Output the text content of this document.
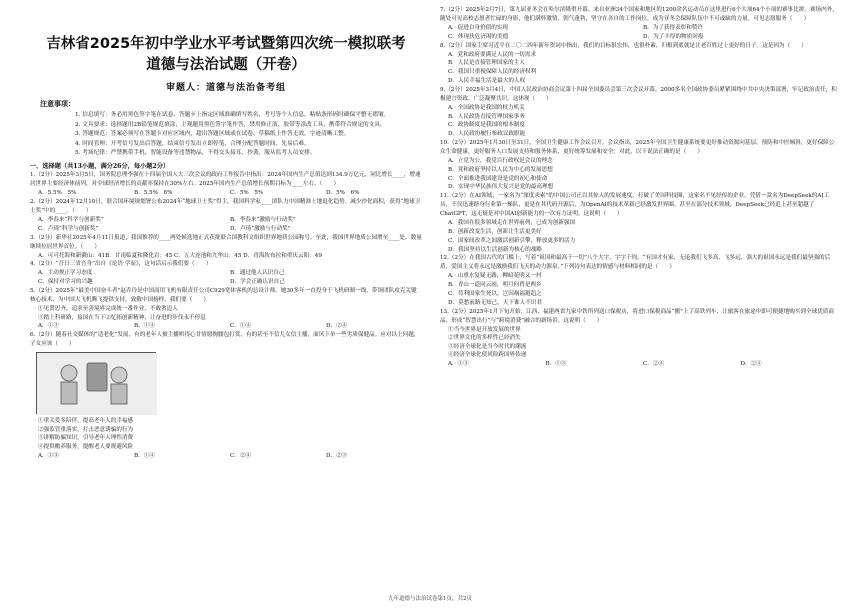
吉林省2025年初中学业水平考试暨第四次统一模拟联考
道德与法治试题（开卷）
审题人：道德与法治备考组
注意事项：
1. 信息填写：务必用黑色签字笔在试卷、答题卡上指定区域准确填写姓名、考号等个人信息，粘贴条形码时确保平整无褶皱。
2. 文具要求：选择题用2B铅笔规范填涂，主观题用黑色签字笔作答，禁用修正液、胶带等涂改工具，携带符合规定的文具。
3. 答题规范：答案必须写在答题卡对应区域内，超出答题区域或在试卷、草稿纸上作答无效，字迹清晰工整。
4. 时间管理：开考信号发出后答题，结束信号发出立即停笔，合理分配答题时间，先易后难。
5. 考场纪律：严禁携带手机、智能设备等违禁物品，不得交头接耳、抄袭，服从监考人员安排。
一、选择题（共13小题，满分26分，每小题2分）
1.（2分）2025年3月5日，国务院总理李强在十四届全国人大三次会议的政府工作报告中指出：2024年国内生产总值达到134.9万亿元，同比增长____，增速居世界主要经济体前列，对全球经济增长的贡献率保持在30%左右。2025年国内生产总值增长预期目标为____左右。（　　）
A．5.5%　5%	B．5.5%　6%	C．5%　5%	D．5%　6%
2.（2分）2024年12月10日，联合国环境规划署公布2024年“地球卫士奖”得主，我国科学家____团队力中国精准土地退化趋势、减少沙化面积，获得“地球卫士奖”中的____。（　　）
A．李春来“科学与创新奖”	B．李春来“激励与行动奖”
C．卢琦“科学与创新奖”	D．卢琦“激励与行动奖”
3.（2分）新华社2025年4月11日报道，我国推荐的____两处候选地正式获批联合国教科文组织世界地质公园称号。至此，我国世界地质公园增至____处，数量继续位居世界首位。（　　）
A．可可托海和新疆山：41B．甘南临夏和隆化岩：45 C．五大连池和九华山：45 D．青海坎布拉和重庆云阳：49
4.（2分）“吾日三省吾身”出自《论语·学而》，这句话启示我们要（　　）
A．主动规正学习态度	B．通过他人认识自己
C．保持对学习的兴趣	D．学会正确认识自己
5.（2分）2025年“最美中国奋斗者”赵乔玲是中国商用飞机有限责任公司C929宽体客机的总设计师，她30多年一直投身于飞机研制一线，带领团队攻克关键核心技术，为中国大飞机腾飞提供支持。致敬中国榜样，我们要（　　）
①见贤思齐，追求至善境界完成统一番作业，不敢奢追人
③踏上科研路，接国在当下②忆拓创新精神，让奋进的步伐永不停息
A．①③	B．①④	C．①④	D．②④
6.（2分）随着社交媒体的“适老化”发展，有的老年人被主播哄得心甘情愿掏腰包打赏，有的甚至不信儿女信主播，面风下单一些劣质保健品。应对以上问题，子女应该（　　）
①重关爱多陪伴，提高老年人的幸福感
②强监管重落实，打击恶意诱骗的行为
③讲解防骗知识，引导老年人理性消费
④提供赡养服务，提醒老人要规避风险
A．①③	B．①④	C．②④	D．②③
7.（2分）2025年2月7日，第九届亚冬会在哈尔滨隆重开幕。来自亚洲34个国家和地区的1200余名运动员在这里进行6个大项64个小项的赛事比拼。赛场内外，随处可见高校志愿者忙碌的身影，他们满怀激情、朝气蓬勃，坚守在各自的工作岗位，成为亚冬会保障队伍中不可或缺的力量。可见志愿服务（　　）
A．促进自身价值的实现	B．为了获得表彰和赞许
C．体现扶危济困的美德	D．为了丰厚的物质回报
8.（2分）国家主席习近平在二〇二四年新年贺词中指出，我们的目标很宏伟，也很朴素，归根到底就是让老百姓过上更好的日子。这是因为（　　）
A．党和政府要满足人民的一切需求
B．人民是直接管理国家的主人
C．我国只重视保障人民的经济权利
D．人民幸福生活是最大的人权
9.（2分）2025年3月4日，中国人民政治协商会议第十四届全国委员会第三次会议开幕。2000多名全国政协委员紧紧围绕中共中央决策部署，牢记政治责任，积极建言资政，广泛凝聚共识。这体现（　　）
A．全国政协是我国的权力机关
B．人民政协直接管理国家事务
C．政协制度是我国的根本制度
D．人民政协履行参政议政职能
10.（2分）2025年1月30日至31日，全国卫生健康工作会议召开。会议指出，2025年全国卫生健康系统要更好推动资源向基层、预防和中医倾斜，更好保障公众生命健康，更好服务人口发展支持和服务体系，更好统筹发展和安全。对此，以下说法正确的是（　　）
A．立党为公，我党百行政权是会议的理念
B．党和政府坚持以人民为中心的发展思想
C．全面推进我国建设是党的初心和使命
D．实现中华民族伟大复兴是党的最高理想
11.（2分）在AI领域，一家名为“深度求索”的中国公司正以其惊人的发展速度，打破了美国科技圈，这家名不见经传的企业，凭借一款名为DeepSeek的AI工具，不仅迅速跻身行业第一梯队，更是在其代码开源后，为OpenAI的技术革新已经激发世界圈。甚至在部分技术领域，DeepSeek已经追上甚至超越了ChatGPT，这无疑是对中国AI创新能力的一次有力证明。这说明（　　）
A．我国在很多领域走在世界前列，已成为创新强国
B．创新改变生活，创新让生活更美好
C．国家间改革之间激活创新引擎，释放更多的活力
D．我国坚持以生活创新为核心的战略
12.（2分）在我国古代的门槛上，写着“祖国和最高于一切”八个大字，字字千钧。“有国才有家，无论我们飞多高、飞多远，强大的祖国永远是我们最坚强的后盾，爱国主义将永远是激励我们飞天的动力源泉。”下列诗句表达的情感与材料相同的是（　　）
A．山重水复疑无路，柳暗花明又一村
B．青山一道同云雨，明月何曾是两乡
C．苟利国家生死以，岂因祸福避趋之
D．莫愁前路无知己，天下谁人不识君
13.（2分）2025年1月下旬开始，江西、福建两省九家中铁所列送口保税店，将进口保税商品“搬”上了高铁列车，让旅客在旅途中即可便捷地购买到全球优质商品，形成“智慧出行”与“跨境消费”融合的新场景。这说明（　　）
①当今世界是开放发展的世界
②世界文化的多样性已经消失
③经济全球化是当今时代的潮流
④经济全球化使风险跨国界传递
A．①③	B．①③	C．②④	D．②④
九年道德与法治试卷第1页，共2页
